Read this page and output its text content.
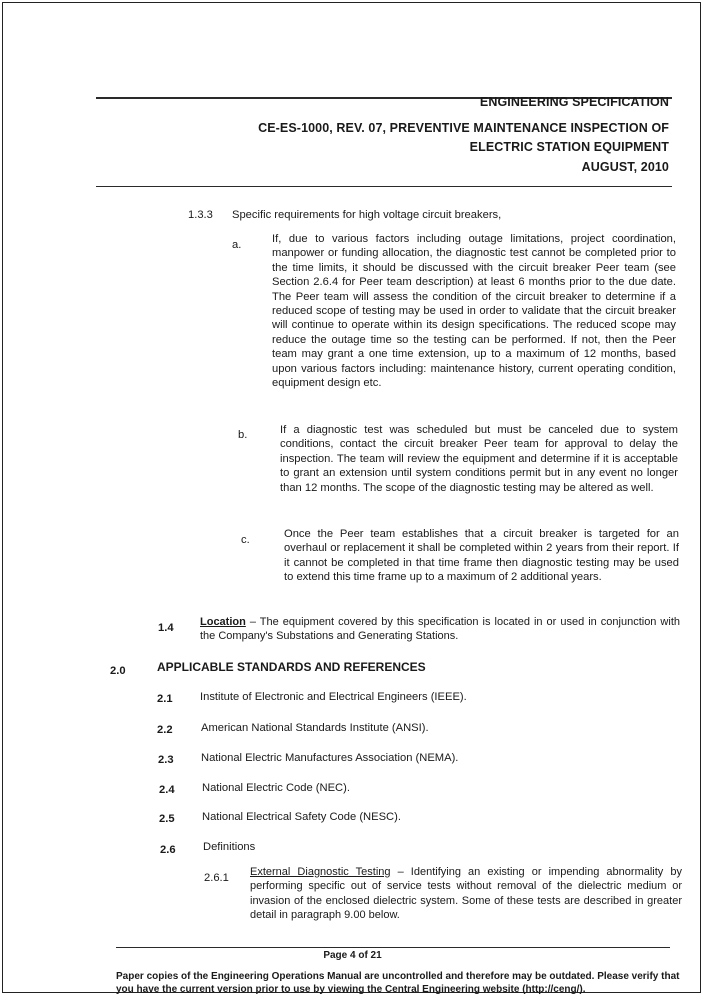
ENGINEERING SPECIFICATION
CE-ES-1000, REV. 07, PREVENTIVE MAINTENANCE INSPECTION OF
ELECTRIC STATION EQUIPMENT
AUGUST, 2010
1.3.3 Specific requirements for high voltage circuit breakers,
a.	If, due to various factors including outage limitations, project coordination, manpower or funding allocation, the diagnostic test cannot be completed prior to the time limits, it should be discussed with the circuit breaker Peer team (see Section 2.6.4 for Peer team description) at least 6 months prior to the due date. The Peer team will assess the condition of the circuit breaker to determine if a reduced scope of testing may be used in order to validate that the circuit breaker will continue to operate within its design specifications. The reduced scope may reduce the outage time so the testing can be performed. If not, then the Peer team may grant a one time extension, up to a maximum of 12 months, based upon various factors including: maintenance history, current operating condition, equipment design etc.
b.	If a diagnostic test was scheduled but must be canceled due to system conditions, contact the circuit breaker Peer team for approval to delay the inspection. The team will review the equipment and determine if it is acceptable to grant an extension until system conditions permit but in any event no longer than 12 months. The scope of the diagnostic testing may be altered as well.
c.	Once the Peer team establishes that a circuit breaker is targeted for an overhaul or replacement it shall be completed within 2 years from their report. If it cannot be completed in that time frame then diagnostic testing may be used to extend this time frame up to a maximum of 2 additional years.
1.4 Location – The equipment covered by this specification is located in or used in conjunction with the Company's Substations and Generating Stations.
2.0	APPLICABLE STANDARDS AND REFERENCES
2.1 Institute of Electronic and Electrical Engineers (IEEE).
2.2	American National Standards Institute (ANSI).
2.3 National Electric Manufactures Association (NEMA).
2.4 National Electric Code (NEC).
2.5 National Electrical Safety Code (NESC).
2.6 Definitions
2.6.1 External Diagnostic Testing – Identifying an existing or impending abnormality by performing specific out of service tests without removal of the dielectric medium or invasion of the enclosed dielectric system. Some of these tests are described in greater detail in paragraph 9.00 below.
Page 4 of 21
Paper copies of the Engineering Operations Manual are uncontrolled and therefore may be outdated. Please verify that you have the current version prior to use by viewing the Central Engineering website (http://ceng/).
